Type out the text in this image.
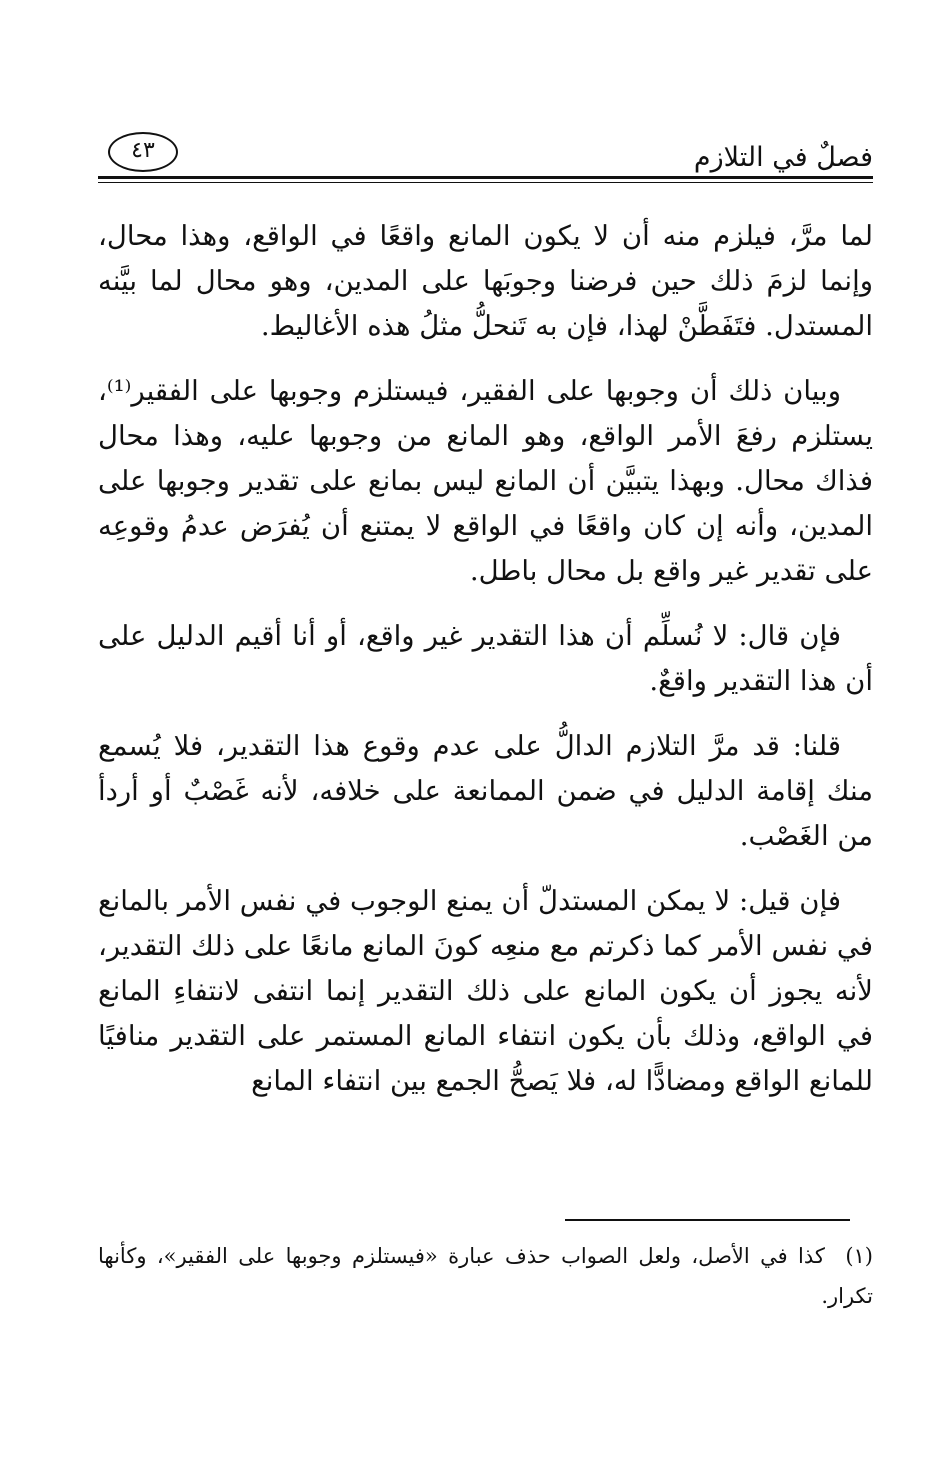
فصلٌ في التلازم
٤٣

لما مرَّ، فيلزم منه أن لا يكون المانع واقعًا في الواقع، وهذا محال، وإنما لزمَ ذلك حين فرضنا وجوبَها على المدين، وهو محال لما بيَّنه المستدل. فتَفَطَّنْ لهذا، فإن به تَنحلُّ مثلُ هذه الأغاليط.

وبيان ذلك أن وجوبها على الفقير، فيستلزم وجوبها على الفقير⁽¹⁾، يستلزم رفعَ الأمر الواقع، وهو المانع من وجوبها عليه، وهذا محال فذاك محال. وبهذا يتبيَّن أن المانع ليس بمانع على تقدير وجوبها على المدين، وأنه إن كان واقعًا في الواقع لا يمتنع أن يُفرَض عدمُ وقوعِه على تقدير غير واقع بل محال باطل.

فإن قال: لا نُسلِّم أن هذا التقدير غير واقع، أو أنا أقيم الدليل على أن هذا التقدير واقعٌ.

قلنا: قد مرَّ التلازم الدالُّ على عدم وقوع هذا التقدير، فلا يُسمع منك إقامة الدليل في ضمن الممانعة على خلافه، لأنه غَصْبٌ أو أردأ من الغَصْب.

فإن قيل: لا يمكن المستدلّ أن يمنع الوجوب في نفس الأمر بالمانع في نفس الأمر كما ذكرتم مع منعِه كونَ المانع مانعًا على ذلك التقدير، لأنه يجوز أن يكون المانع على ذلك التقدير إنما انتفى لانتفاءِ المانع في الواقع، وذلك بأن يكون انتفاء المانع المستمر على التقدير منافيًا للمانع الواقع ومضادًّا له، فلا يَصحُّ الجمع بين انتفاء المانع

(١) كذا في الأصل، ولعل الصواب حذف عبارة «فيستلزم وجوبها على الفقير»، وكأنها تكرار.
